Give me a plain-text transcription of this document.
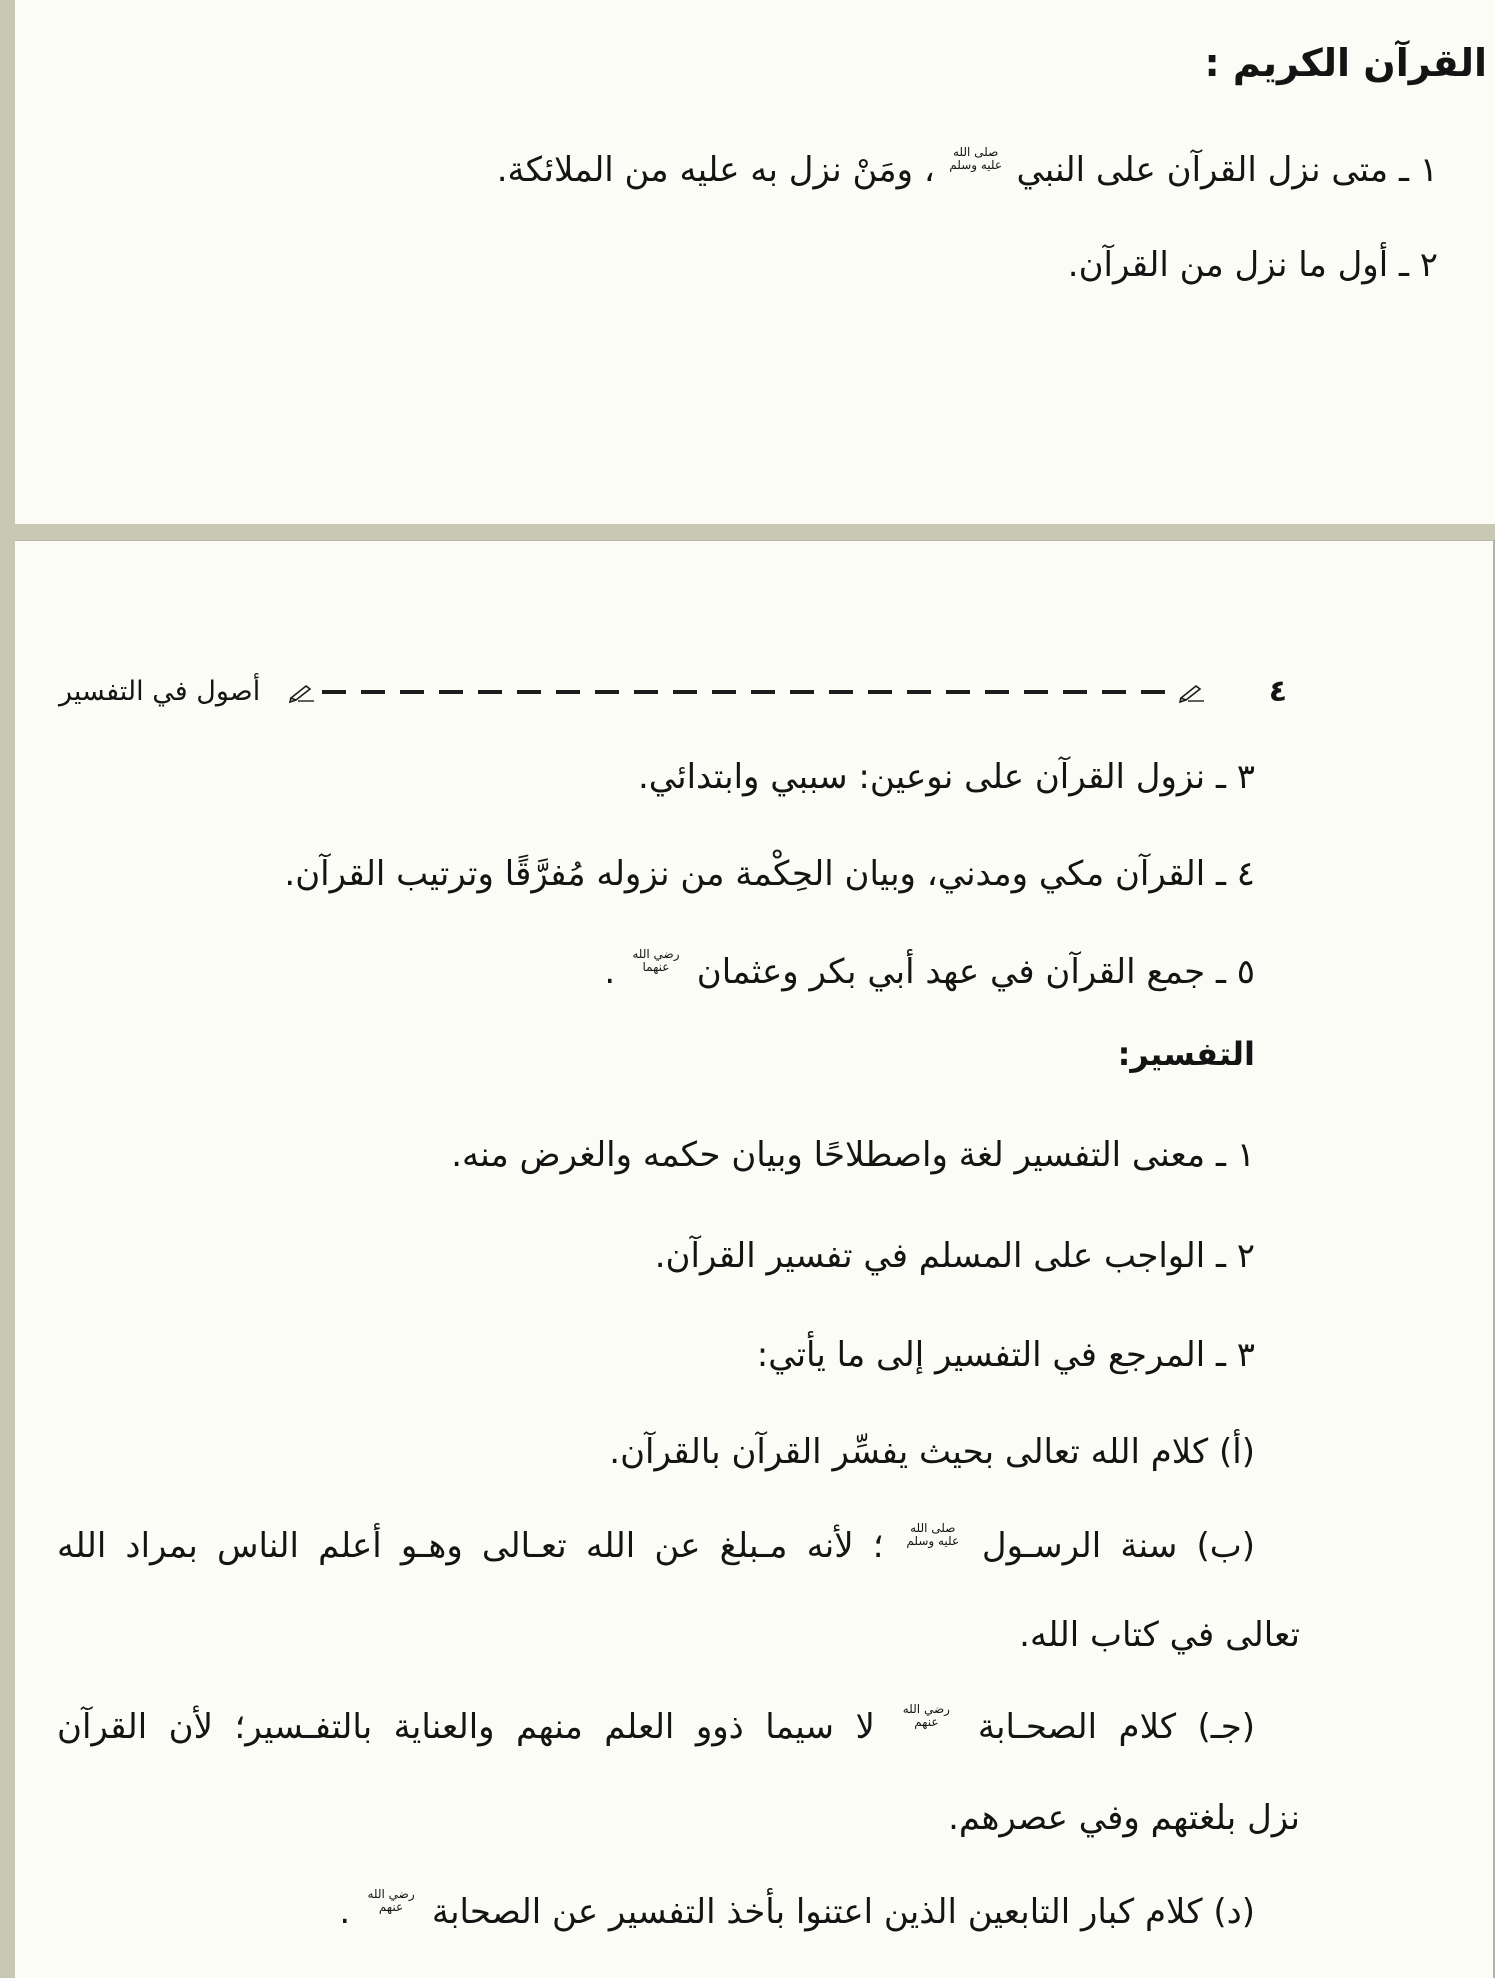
القرآن الكريم :
١ ـ متى نزل القرآن على النبي صلى الله عليه وسلم ، ومَنْ نزل به عليه من الملائكة.
٢ ـ أول ما نزل من القرآن.
٤
أصول في التفسير
٣ ـ نزول القرآن على نوعين: سببي وابتدائي.
٤ ـ القرآن مكي ومدني، وبيان الحِكْمة من نزوله مُفرَّقًا وترتيب القرآن.
٥ ـ جمع القرآن في عهد أبي بكر وعثمان رضي الله عنهما .
التفسير:
١ ـ معنى التفسير لغة واصطلاحًا وبيان حكمه والغرض منه.
٢ ـ الواجب على المسلم في تفسير القرآن.
٣ ـ المرجع في التفسير إلى ما يأتي:
(أ) كلام الله تعالى بحيث يفسِّر القرآن بالقرآن.
(ب) سنة الرسـول صلى الله عليه وسلم ؛ لأنه مـبلغ عن الله تعـالى وهـو أعلم الناس بمراد الله
تعالى في كتاب الله.
(جـ) كلام الصحـابة رضي الله عنهم لا سيما ذوو العلم منهم والعناية بالتفـسير؛ لأن القرآن
نزل بلغتهم وفي عصرهم.
(د) كلام كبار التابعين الذين اعتنوا بأخذ التفسير عن الصحابة رضي الله عنهم .
